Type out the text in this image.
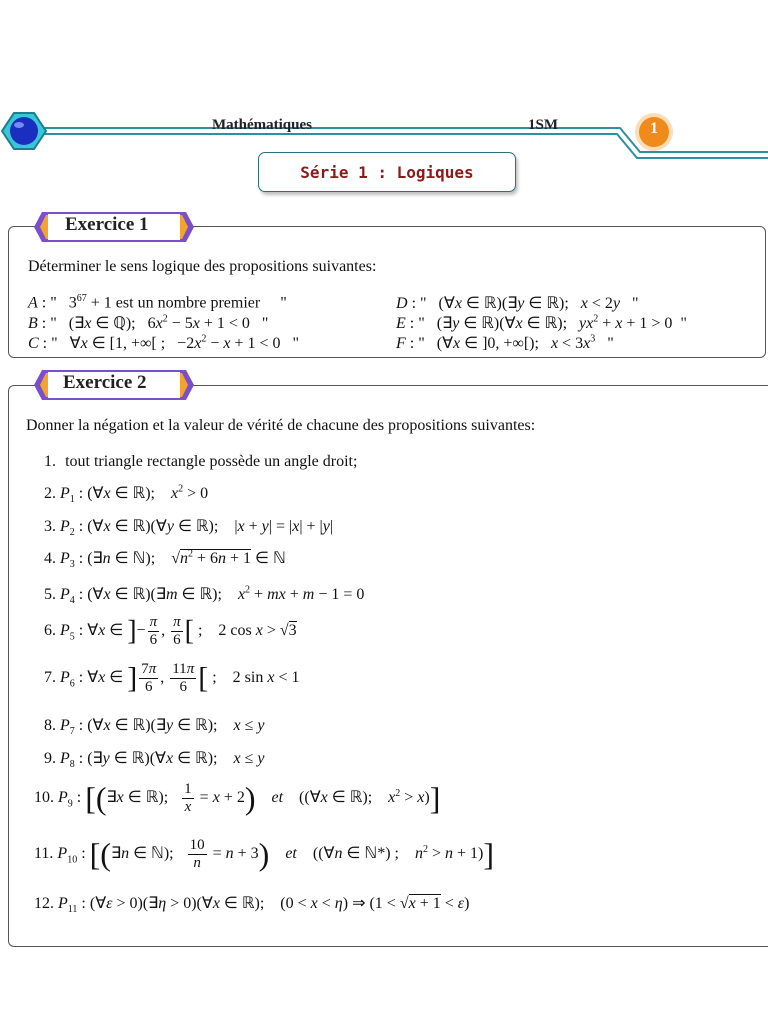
Mathématiques	1SM	1
Série 1 : Logiques
Exercice 1
Déterminer le sens logique des propositions suivantes:
A : "   $3^{67} + 1$ est un nombre premier     "
B : "   (∃x ∈ ℚ);   $6x^2 - 5x + 1 < 0$   "
C : "   ∀x ∈ [1, +∞[ ;   $-2x^2 - x + 1 < 0$   "
D : "   (∀x ∈ ℝ)(∃y ∈ ℝ);   x < 2y   "
E : "   (∃y ∈ ℝ)(∀x ∈ ℝ);   $yx^2 + x + 1 > 0$  "
F : "   (∀x ∈ ]0, +∞[);   $x < 3x^3$   "
Exercice 2
Donner la négation et la valeur de vérité de chacune des propositions suivantes:
1. tout triangle rectangle possède un angle droit;
2. $P_1$ : (∀x ∈ ℝ);    $x^2 > 0$
3. $P_2$ : (∀x ∈ ℝ)(∀y ∈ ℝ);    |x + y| = |x| + |y|
4. $P_3$ : (∃n ∈ ℕ);    $√n^2 + 6n + 1$ ∈ ℕ
5. $P_4$ : (∀x ∈ ℝ)(∃m ∈ ℝ);    $x^2$ + mx + m − 1 = 0
6. $P_5$ : ∀x ∈ ]− $\frac{\pi}{6}$ , $\frac{\pi}{6}$ [ ;    2 cos x > √3
7. $P_6$ : ∀x ∈ ] $\frac{7\pi}{6}$ , $\frac{11\pi}{6}$ [ ;    2 sin x < 1
8. $P_7$ : (∀x ∈ ℝ)(∃y ∈ ℝ);    x ≤ y
9. $P_8$ : (∃y ∈ ℝ)(∀x ∈ ℝ);    x ≤ y
10. $P_9$ : [(∃x ∈ ℝ); $\frac{1}{x} = x + 2$) et    ((∀x ∈ ℝ);    $x^2 > x$)]
11. $P_{10}$ : [(∃n ∈ ℕ); $\frac{10}{n} = n + 3$) et    ((∀n ∈ ℕ*) ;    $n^2 > n + 1$)]
12. $P_{11}$ : (∀ε > 0)(∃η > 0)(∀x ∈ ℝ);    (0 < x < η) ⇒ (1 < √x + 1 < ε)
